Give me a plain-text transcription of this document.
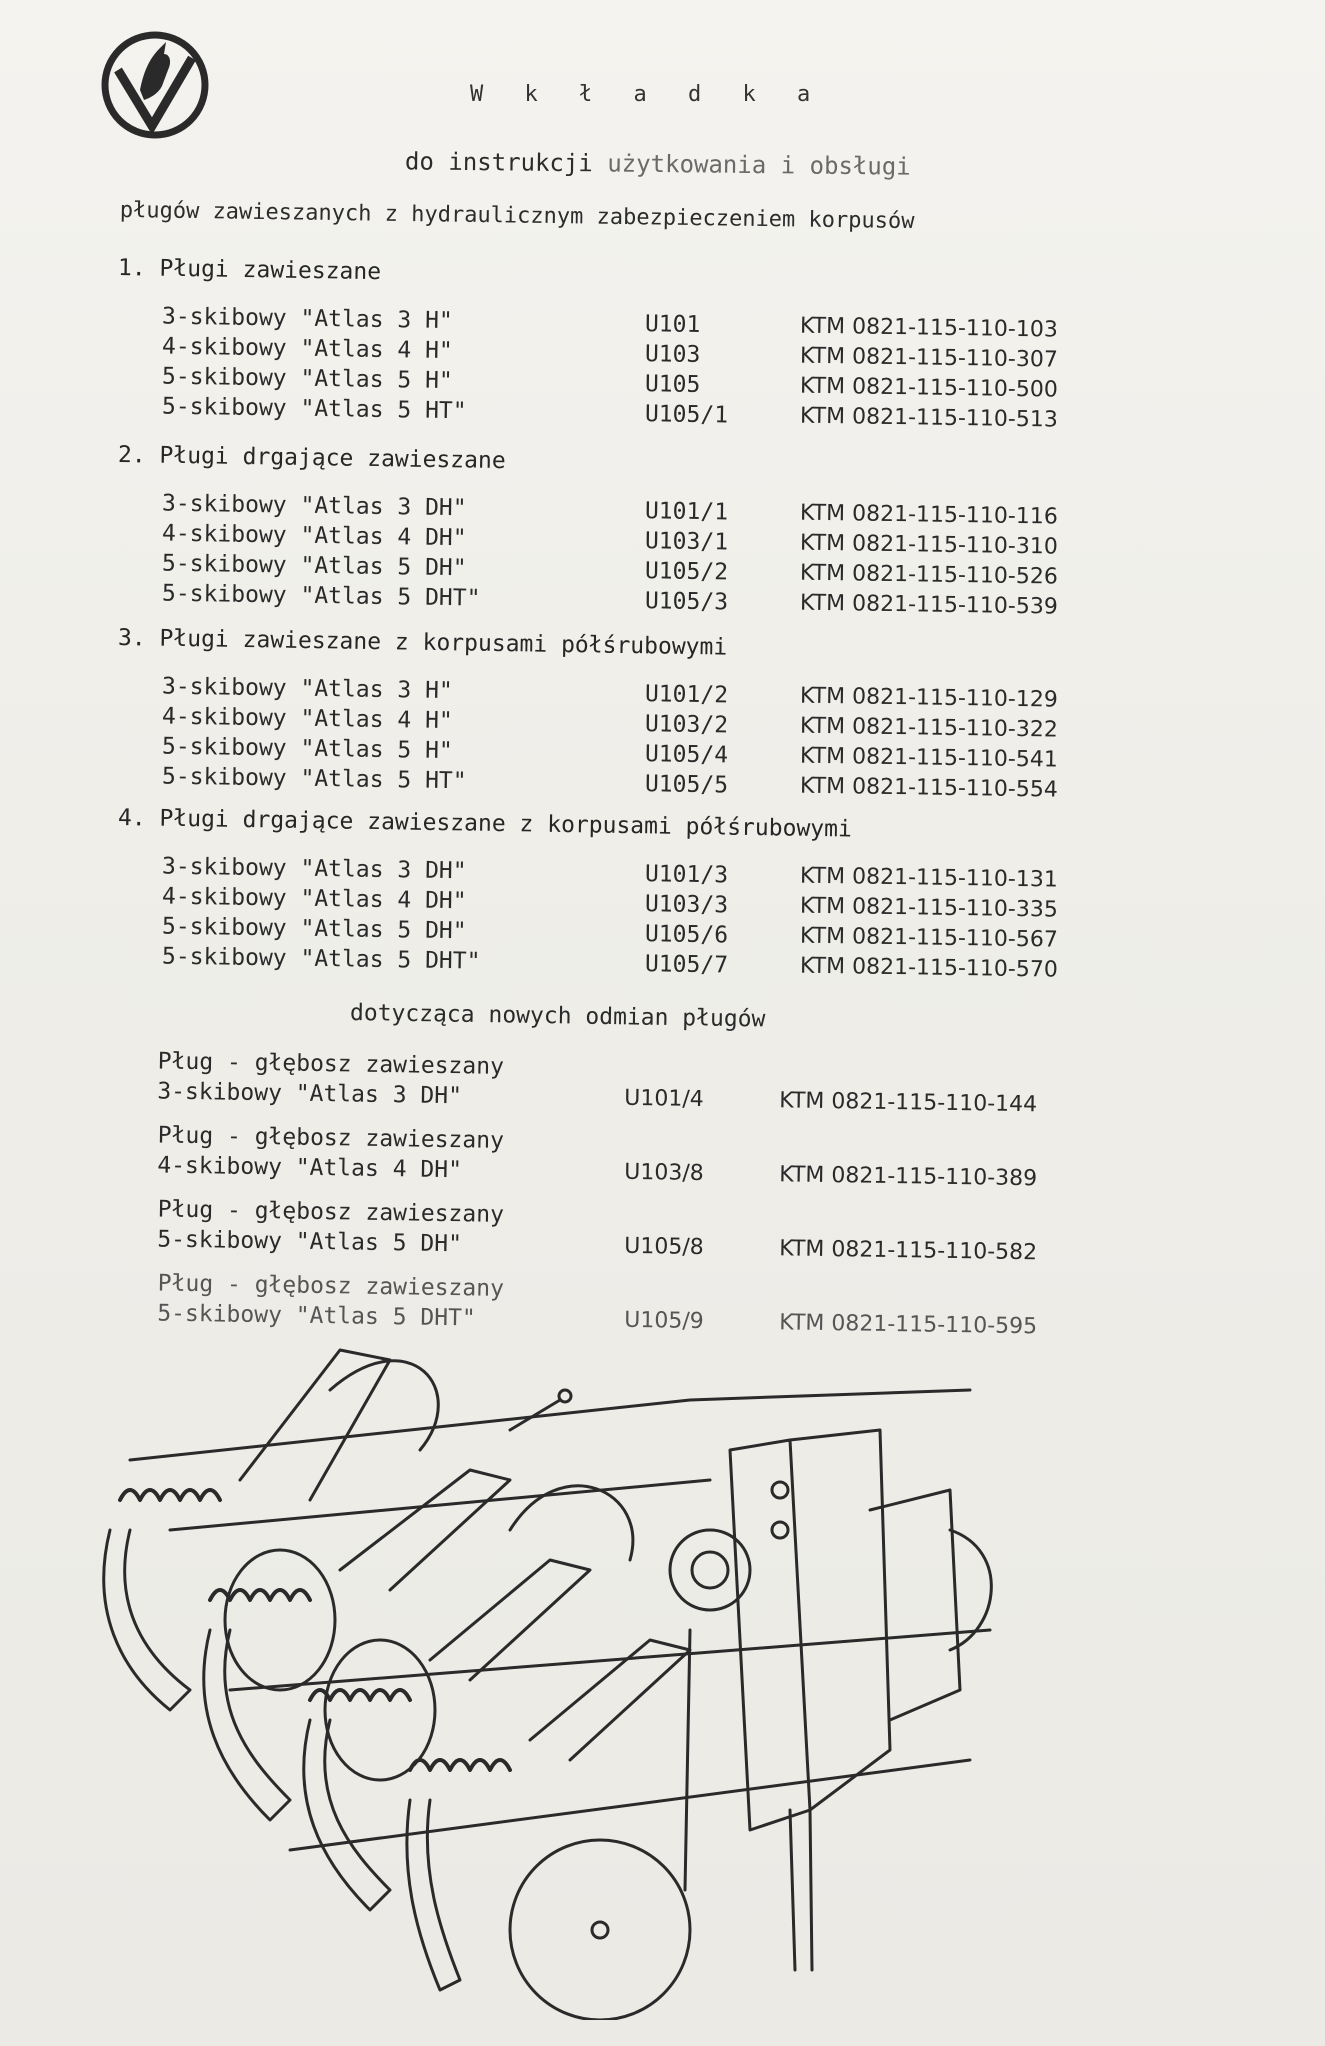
W k ł a d k a
do instrukcji użytkowania i obsługi
pługów zawieszanych z hydraulicznym zabezpieczeniem korpusów
1. Pługi zawieszane
3-skibowy "Atlas 3 H"	U101	KTM 0821-115-110-103
4-skibowy "Atlas 4 H"	U103	KTM 0821-115-110-307
5-skibowy "Atlas 5 H"	U105	KTM 0821-115-110-500
5-skibowy "Atlas 5 HT"	U105/1	KTM 0821-115-110-513
2. Pługi drgające zawieszane
3-skibowy "Atlas 3 DH"	U101/1	KTM 0821-115-110-116
4-skibowy "Atlas 4 DH"	U103/1	KTM 0821-115-110-310
5-skibowy "Atlas 5 DH"	U105/2	KTM 0821-115-110-526
5-skibowy "Atlas 5 DHT"	U105/3	KTM 0821-115-110-539
3. Pługi zawieszane z korpusami półśrubowymi
3-skibowy "Atlas 3 H"	U101/2	KTM 0821-115-110-129
4-skibowy "Atlas 4 H"	U103/2	KTM 0821-115-110-322
5-skibowy "Atlas 5 H"	U105/4	KTM 0821-115-110-541
5-skibowy "Atlas 5 HT"	U105/5	KTM 0821-115-110-554
4. Pługi drgające zawieszane z korpusami półśrubowymi
3-skibowy "Atlas 3 DH"	U101/3	KTM 0821-115-110-131
4-skibowy "Atlas 4 DH"	U103/3	KTM 0821-115-110-335
5-skibowy "Atlas 5 DH"	U105/6	KTM 0821-115-110-567
5-skibowy "Atlas 5 DHT"	U105/7	KTM 0821-115-110-570
dotycząca nowych odmian pługów
Pług - głębosz zawieszany
3-skibowy "Atlas 3 DH"	U101/4	KTM 0821-115-110-144
Pług - głębosz zawieszany
4-skibowy "Atlas 4 DH"	U103/8	KTM 0821-115-110-389
Pług - głębosz zawieszany
5-skibowy "Atlas 5 DH"	U105/8	KTM 0821-115-110-582
Pług - głębosz zawieszany
5-skibowy "Atlas 5 DHT"	U105/9	KTM 0821-115-110-595
